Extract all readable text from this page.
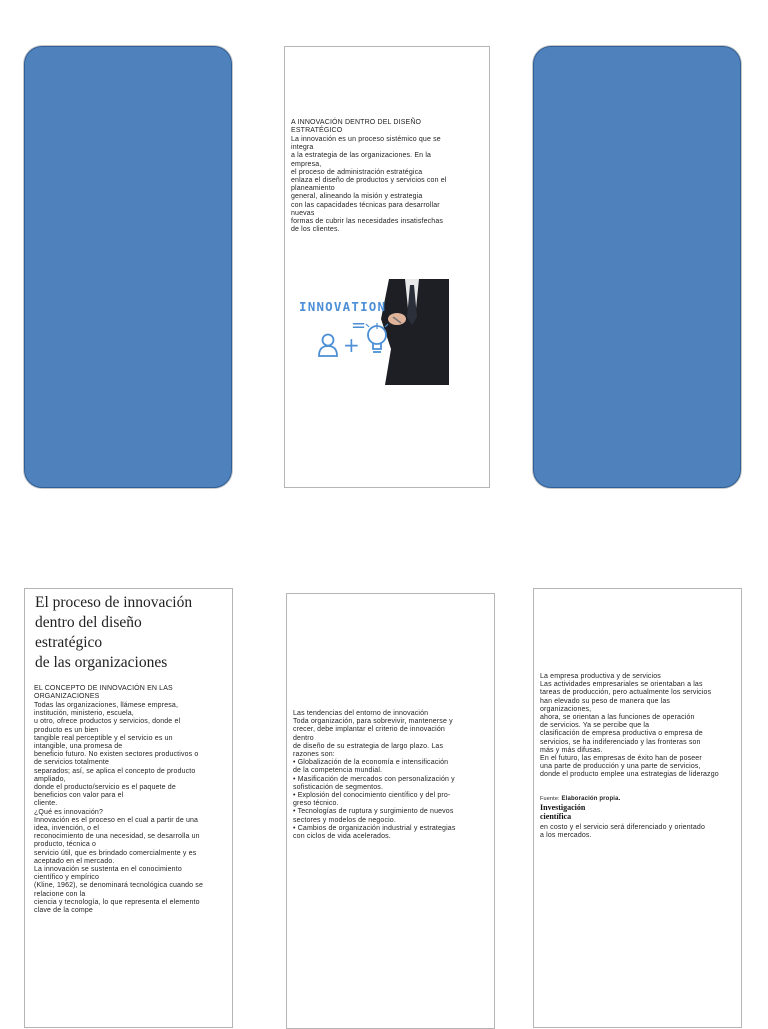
A INNOVACIÓN DENTRO DEL DISEÑO
ESTRATÉGICO

La innovación es un proceso sistémico que se
integra
a la estrategia de las organizaciones. En la
empresa,
el proceso de administración estratégica
enlaza el diseño de productos y servicios con el
planeamiento
general, alineando la misión y estrategia
con las capacidades técnicas para desarrollar
nuevas
formas de cubrir las necesidades insatisfechas
de los clientes.

INNOVATION
=
+

El proceso de innovación
dentro del diseño
estratégico
de las organizaciones

EL CONCEPTO DE INNOVACIÓN EN LAS
ORGANIZACIONES

Todas las organizaciones, llámese empresa,
institución, ministerio, escuela,
u otro, ofrece productos y servicios, donde el
producto es un bien
tangible real perceptible y el servicio es un
intangible, una promesa de
beneficio futuro. No existen sectores productivos o
de servicios totalmente
separados; así, se aplica el concepto de producto
ampliado,
donde el producto/servicio es el paquete de
beneficios con valor para el
cliente.
¿Qué es innovación?
Innovación es el proceso en el cual a partir de una
idea, invención, o el
reconocimiento de una necesidad, se desarrolla un
producto, técnica o
servicio útil, que es brindado comercialmente y es
aceptado en el mercado.
La innovación se sustenta en el conocimiento
científico y empírico
(Kline, 1962), se denominará tecnológica cuando se
relacione con la
ciencia y tecnología, lo que representa el elemento
clave de la compe

Las tendencias del entorno de innovación
Toda organización, para sobrevivir, mantenerse y
crecer, debe implantar el criterio de innovación
dentro
de diseño de su estrategia de largo plazo. Las
razones son:
• Globalización de la economía e intensificación
de la competencia mundial.
• Masificación de mercados con personalización y
sofisticación de segmentos.
• Explosión del conocimiento científico y del pro-
greso técnico.
• Tecnologías de ruptura y surgimiento de nuevos
sectores y modelos de negocio.
• Cambios de organización industrial y estrategias
con ciclos de vida acelerados.

La empresa productiva y de servicios
Las actividades empresariales se orientaban a las
tareas de producción, pero actualmente los servicios
han elevado su peso de manera que las
organizaciones,
ahora, se orientan a las funciones de operación
de servicios. Ya se percibe que la
clasificación de empresa productiva o empresa de
servicios, se ha indiferenciado y las fronteras son
más y más difusas.
En el futuro, las empresas de éxito han de poseer
una parte de producción y una parte de servicios,
donde el producto emplee una estrategias de liderazgo

Fuente: Elaboración propia.

Investigación
científica

en costo y el servicio será diferenciado y orientado
a los mercados.
